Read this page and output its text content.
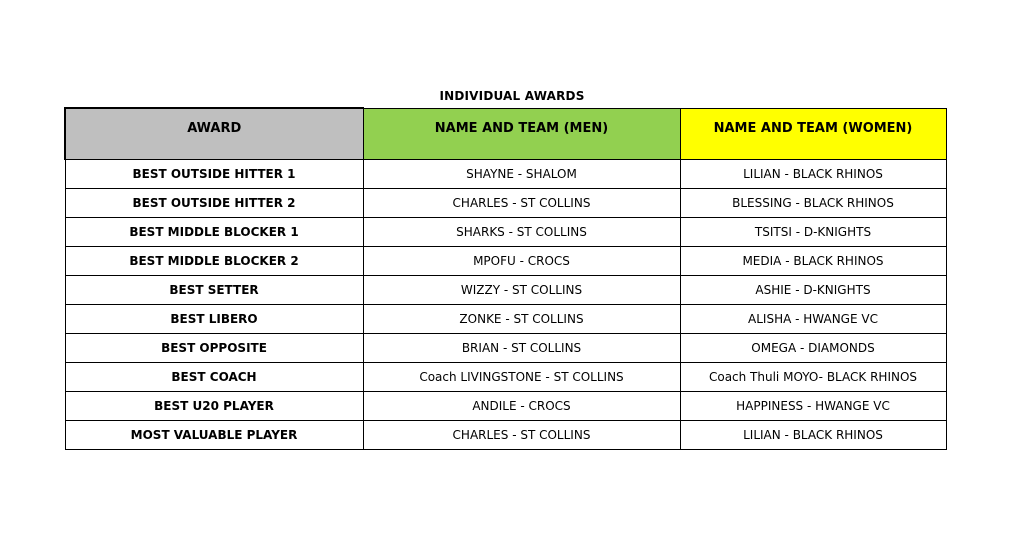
INDIVIDUAL AWARDS
AWARD	NAME AND TEAM (MEN)	NAME AND TEAM (WOMEN)
BEST OUTSIDE HITTER 1	SHAYNE - SHALOM	LILIAN - BLACK RHINOS
BEST OUTSIDE HITTER 2	CHARLES - ST COLLINS	BLESSING - BLACK RHINOS
BEST MIDDLE BLOCKER 1	SHARKS - ST COLLINS	TSITSI - D-KNIGHTS
BEST MIDDLE BLOCKER 2	MPOFU - CROCS	MEDIA - BLACK RHINOS
BEST SETTER	WIZZY - ST COLLINS	ASHIE - D-KNIGHTS
BEST LIBERO	ZONKE - ST COLLINS	ALISHA - HWANGE VC
BEST OPPOSITE	BRIAN - ST COLLINS	OMEGA - DIAMONDS
BEST COACH	Coach LIVINGSTONE - ST COLLINS	Coach Thuli MOYO- BLACK RHINOS
BEST U20 PLAYER	ANDILE - CROCS	HAPPINESS - HWANGE VC
MOST VALUABLE PLAYER	CHARLES - ST COLLINS	LILIAN - BLACK RHINOS
